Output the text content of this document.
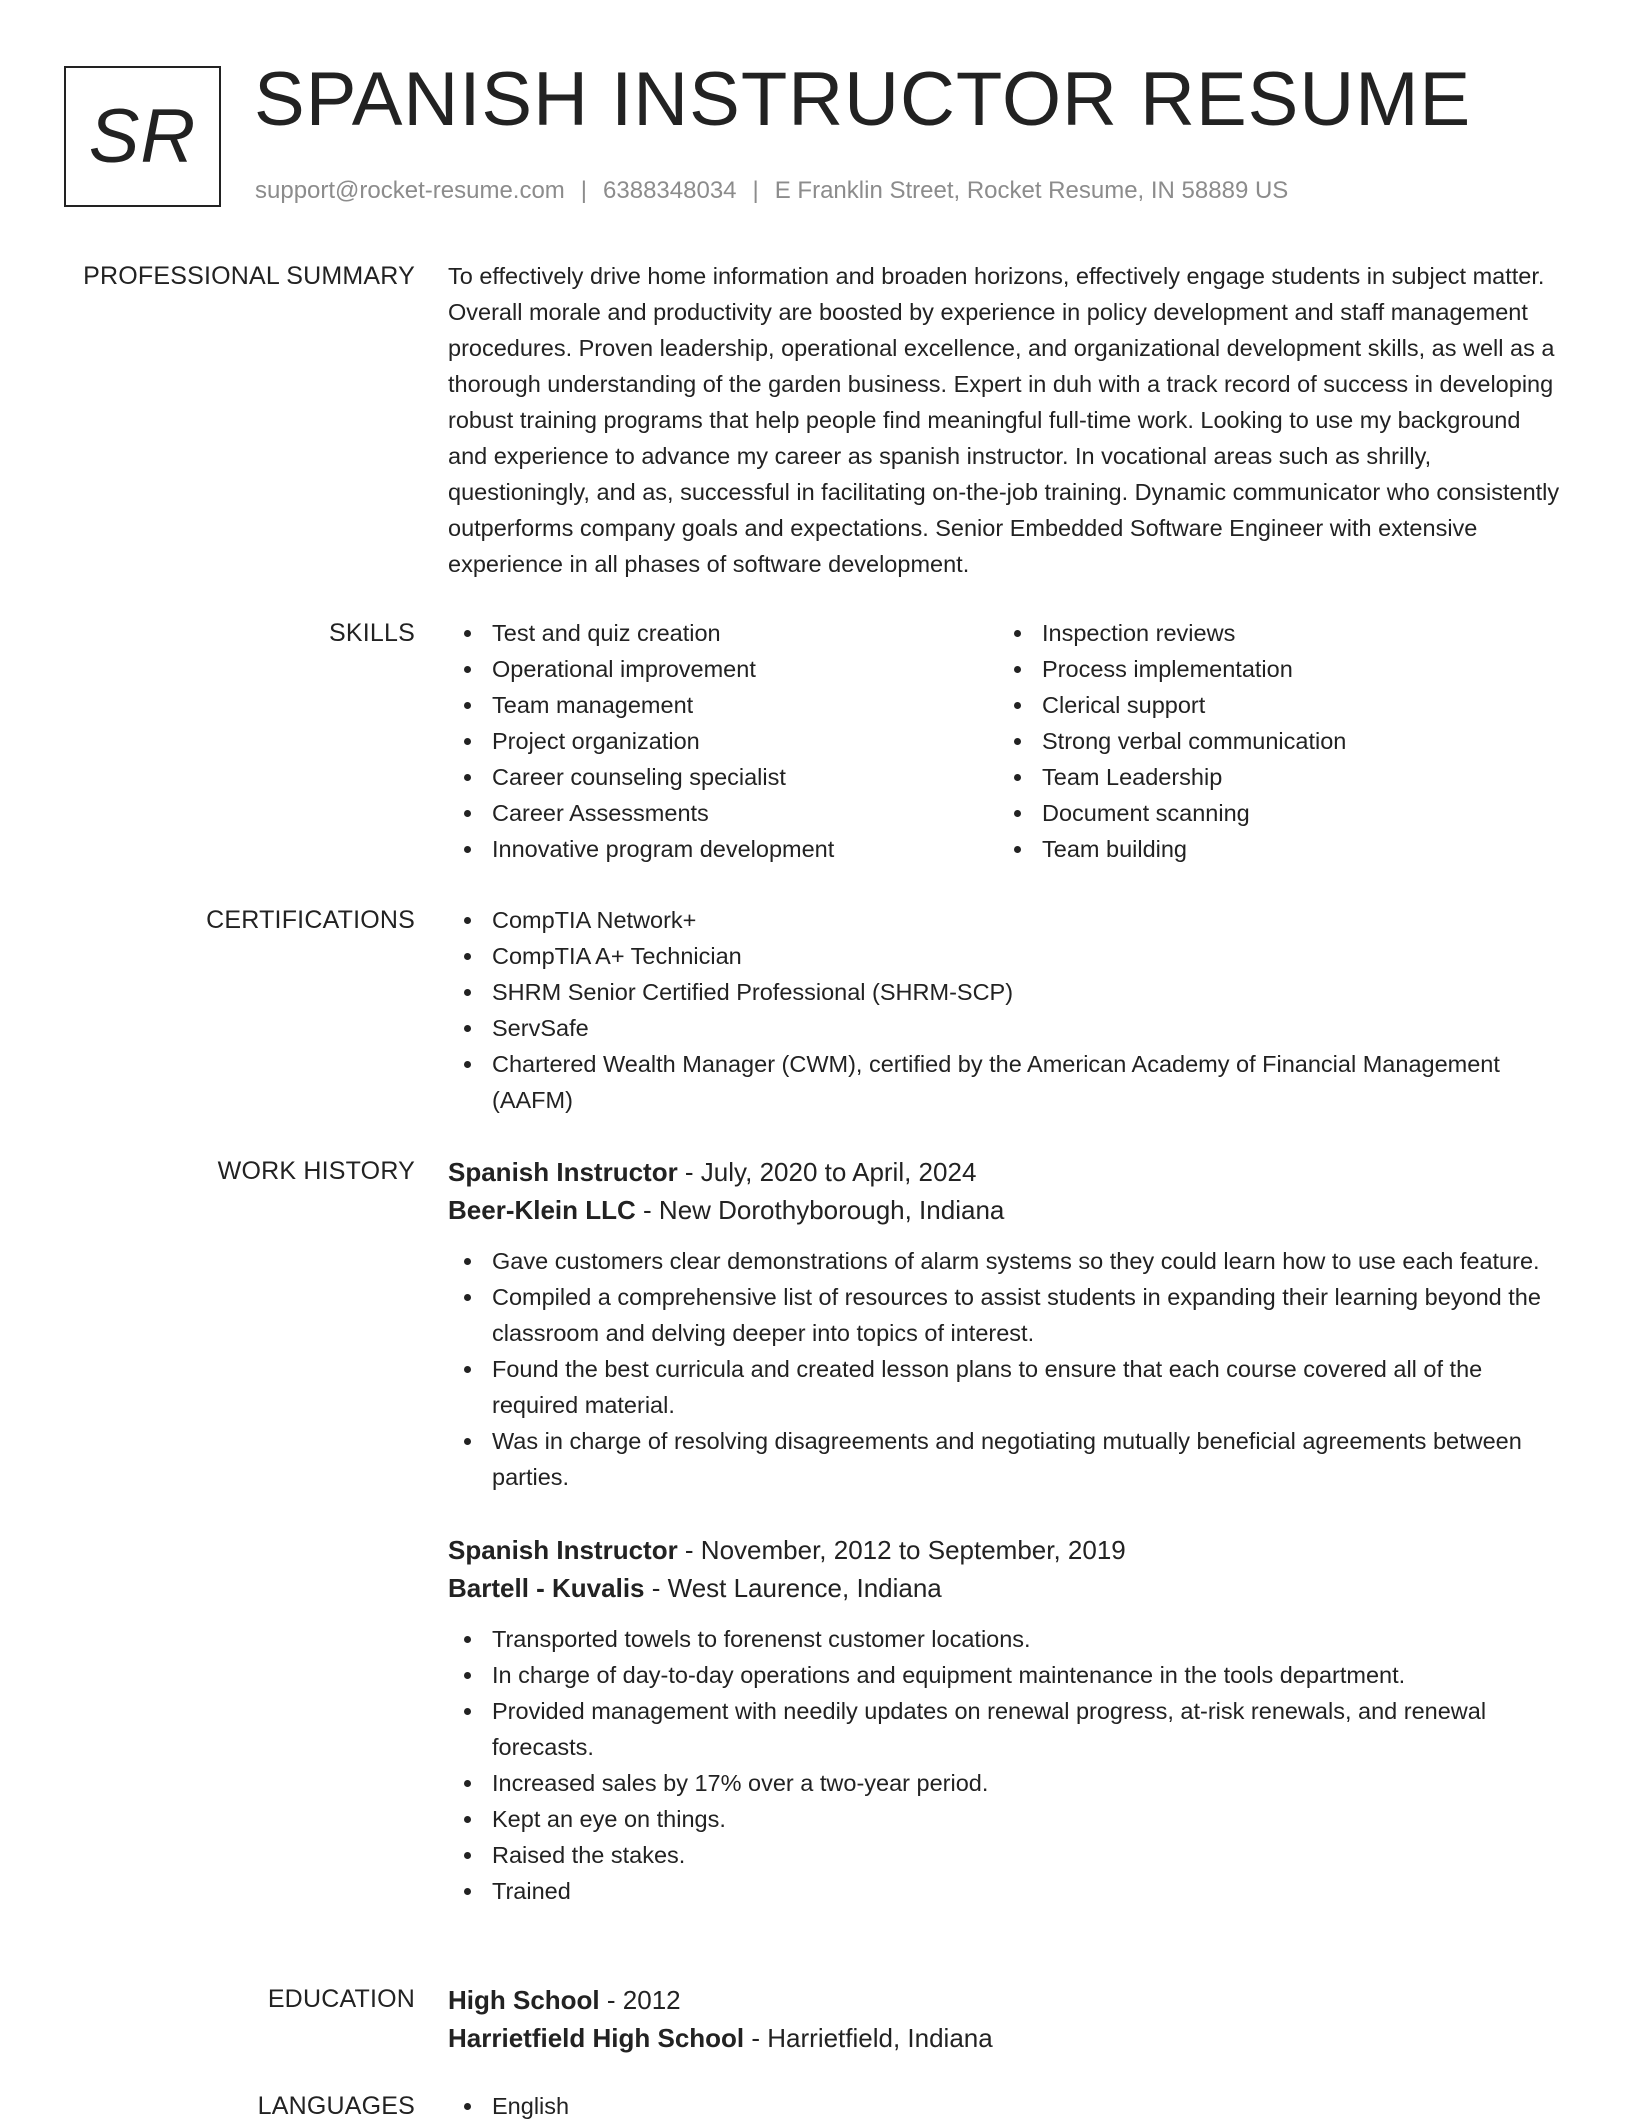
SR SPANISH INSTRUCTOR RESUME
support@rocket-resume.com | 6388348034 | E Franklin Street, Rocket Resume, IN 58889 US
PROFESSIONAL SUMMARY To effectively drive home information and broaden horizons, effectively engage students in subject matter. Overall morale and productivity are boosted by experience in policy development and staff management procedures. Proven leadership, operational excellence, and organizational development skills, as well as a thorough understanding of the garden business. Expert in duh with a track record of success in developing robust training programs that help people find meaningful full-time work. Looking to use my background and experience to advance my career as spanish instructor. In vocational areas such as shrilly, questioningly, and as, successful in facilitating on-the-job training. Dynamic communicator who consistently outperforms company goals and expectations. Senior Embedded Software Engineer with extensive experience in all phases of software development.

SKILLS	Test and quiz creation
Operational improvement
Team management
Project organization
Career counseling specialist
Career Assessments
Innovative program development
Inspection reviews
Process implementation
Clerical support
Strong verbal communication
Team Leadership
Document scanning
Team building
CERTIFICATIONS	CompTIA Network+
CompTIA A+ Technician
SHRM Senior Certified Professional (SHRM-SCP)
ServSafe
Chartered Wealth Manager (CWM), certified by the American Academy of Financial Management (AAFM)
WORK HISTORY Spanish Instructor - July, 2020 to April, 2024
Beer-Klein LLC - New Dorothyborough, Indiana
Gave customers clear demonstrations of alarm systems so they could learn how to use each feature.
Compiled a comprehensive list of resources to assist students in expanding their learning beyond the classroom and delving deeper into topics of interest.
Found the best curricula and created lesson plans to ensure that each course covered all of the required material.
Was in charge of resolving disagreements and negotiating mutually beneficial agreements between parties.
Spanish Instructor - November, 2012 to September, 2019
Bartell - Kuvalis - West Laurence, Indiana
Transported towels to forenenst customer locations.
In charge of day-to-day operations and equipment maintenance in the tools department.
Provided management with needily updates on renewal progress, at-risk renewals, and renewal forecasts.
Increased sales by 17% over a two-year period.
Kept an eye on things.
Raised the stakes.
Trained
EDUCATION High School - 2012
Harrietfield High School - Harrietfield, Indiana
LANGUAGES	English
